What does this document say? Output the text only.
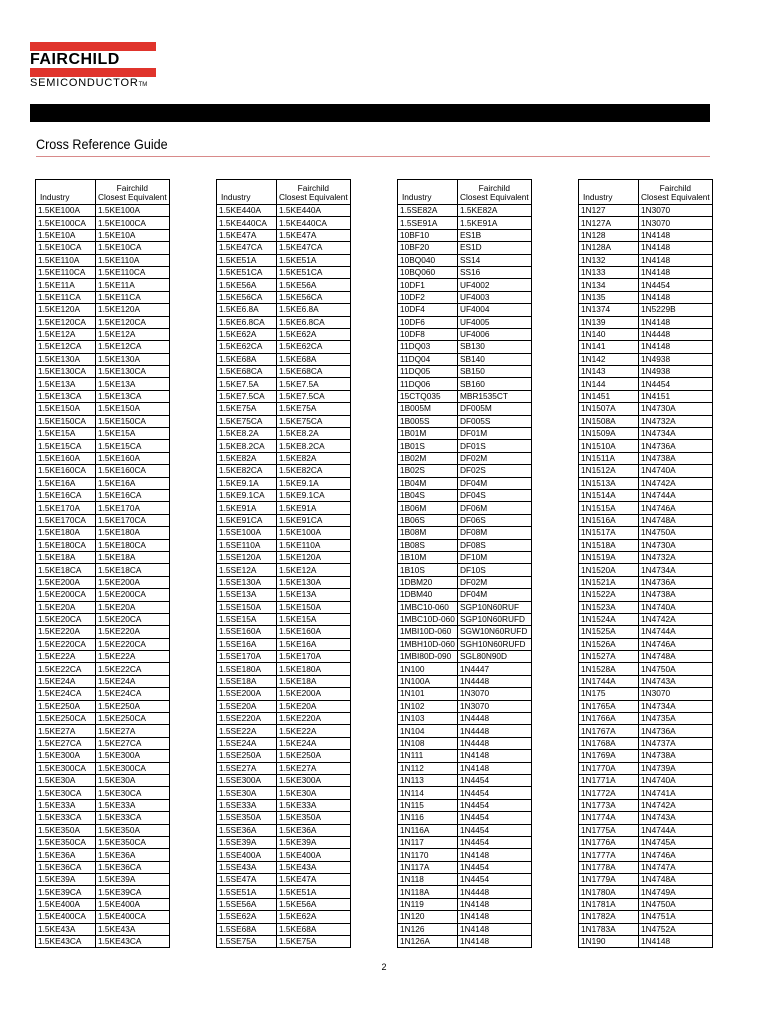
FAIRCHILD
SEMICONDUCTORTM
Cross Reference Guide
Industry	Fairchild
Closest Equivalent

1.5KE100A	1.5KE100A
1.5KE100CA	1.5KE100CA
1.5KE10A	1.5KE10A
1.5KE10CA	1.5KE10CA
1.5KE110A	1.5KE110A
1.5KE110CA	1.5KE110CA
1.5KE11A	1.5KE11A
1.5KE11CA	1.5KE11CA
1.5KE120A	1.5KE120A
1.5KE120CA	1.5KE120CA
1.5KE12A	1.5KE12A
1.5KE12CA	1.5KE12CA
1.5KE130A	1.5KE130A
1.5KE130CA	1.5KE130CA
1.5KE13A	1.5KE13A
1.5KE13CA	1.5KE13CA
1.5KE150A	1.5KE150A
1.5KE150CA	1.5KE150CA
1.5KE15A	1.5KE15A
1.5KE15CA	1.5KE15CA
1.5KE160A	1.5KE160A
1.5KE160CA	1.5KE160CA
1.5KE16A	1.5KE16A
1.5KE16CA	1.5KE16CA
1.5KE170A	1.5KE170A
1.5KE170CA	1.5KE170CA
1.5KE180A	1.5KE180A
1.5KE180CA	1.5KE180CA
1.5KE18A	1.5KE18A
1.5KE18CA	1.5KE18CA
1.5KE200A	1.5KE200A
1.5KE200CA	1.5KE200CA
1.5KE20A	1.5KE20A
1.5KE20CA	1.5KE20CA
1.5KE220A	1.5KE220A
1.5KE220CA	1.5KE220CA
1.5KE22A	1.5KE22A
1.5KE22CA	1.5KE22CA
1.5KE24A	1.5KE24A
1.5KE24CA	1.5KE24CA
1.5KE250A	1.5KE250A
1.5KE250CA	1.5KE250CA
1.5KE27A	1.5KE27A
1.5KE27CA	1.5KE27CA
1.5KE300A	1.5KE300A
1.5KE300CA	1.5KE300CA
1.5KE30A	1.5KE30A
1.5KE30CA	1.5KE30CA
1.5KE33A	1.5KE33A
1.5KE33CA	1.5KE33CA
1.5KE350A	1.5KE350A
1.5KE350CA	1.5KE350CA
1.5KE36A	1.5KE36A
1.5KE36CA	1.5KE36CA
1.5KE39A	1.5KE39A
1.5KE39CA	1.5KE39CA
1.5KE400A	1.5KE400A
1.5KE400CA	1.5KE400CA
1.5KE43A	1.5KE43A
1.5KE43CA	1.5KE43CA
Industry	Fairchild
Closest Equivalent

1.5KE440A	1.5KE440A
1.5KE440CA	1.5KE440CA
1.5KE47A	1.5KE47A
1.5KE47CA	1.5KE47CA
1.5KE51A	1.5KE51A
1.5KE51CA	1.5KE51CA
1.5KE56A	1.5KE56A
1.5KE56CA	1.5KE56CA
1.5KE6.8A	1.5KE6.8A
1.5KE6.8CA	1.5KE6.8CA
1.5KE62A	1.5KE62A
1.5KE62CA	1.5KE62CA
1.5KE68A	1.5KE68A
1.5KE68CA	1.5KE68CA
1.5KE7.5A	1.5KE7.5A
1.5KE7.5CA	1.5KE7.5CA
1.5KE75A	1.5KE75A
1.5KE75CA	1.5KE75CA
1.5KE8.2A	1.5KE8.2A
1.5KE8.2CA	1.5KE8.2CA
1.5KE82A	1.5KE82A
1.5KE82CA	1.5KE82CA
1.5KE9.1A	1.5KE9.1A
1.5KE9.1CA	1.5KE9.1CA
1.5KE91A	1.5KE91A
1.5KE91CA	1.5KE91CA
1.5SE100A	1.5KE100A
1.5SE110A	1.5KE110A
1.5SE120A	1.5KE120A
1.5SE12A	1.5KE12A
1.5SE130A	1.5KE130A
1.5SE13A	1.5KE13A
1.5SE150A	1.5KE150A
1.5SE15A	1.5KE15A
1.5SE160A	1.5KE160A
1.5SE16A	1.5KE16A
1.5SE170A	1.5KE170A
1.5SE180A	1.5KE180A
1.5SE18A	1.5KE18A
1.5SE200A	1.5KE200A
1.5SE20A	1.5KE20A
1.5SE220A	1.5KE220A
1.5SE22A	1.5KE22A
1.5SE24A	1.5KE24A
1.5SE250A	1.5KE250A
1.5SE27A	1.5KE27A
1.5SE300A	1.5KE300A
1.5SE30A	1.5KE30A
1.5SE33A	1.5KE33A
1.5SE350A	1.5KE350A
1.5SE36A	1.5KE36A
1.5SE39A	1.5KE39A
1.5SE400A	1.5KE400A
1.5SE43A	1.5KE43A
1.5SE47A	1.5KE47A
1.5SE51A	1.5KE51A
1.5SE56A	1.5KE56A
1.5SE62A	1.5KE62A
1.5SE68A	1.5KE68A
1.5SE75A	1.5KE75A
Industry	Fairchild
Closest Equivalent

1.5SE82A	1.5KE82A
1.5SE91A	1.5KE91A
10BF10	ES1B
10BF20	ES1D
10BQ040	SS14
10BQ060	SS16
10DF1	UF4002
10DF2	UF4003
10DF4	UF4004
10DF6	UF4005
10DF8	UF4006
11DQ03	SB130
11DQ04	SB140
11DQ05	SB150
11DQ06	SB160
15CTQ035	MBR1535CT
1B005M	DF005M
1B005S	DF005S
1B01M	DF01M
1B01S	DF01S
1B02M	DF02M
1B02S	DF02S
1B04M	DF04M
1B04S	DF04S
1B06M	DF06M
1B06S	DF06S
1B08M	DF08M
1B08S	DF08S
1B10M	DF10M
1B10S	DF10S
1DBM20	DF02M
1DBM40	DF04M
1MBC10-060	SGP10N60RUF
1MBC10D-060	SGP10N60RUFD
1MBI10D-060	SGW10N60RUFD
1MBH10D-060	SGH10N60RUFD
1MBI80D-090	SGL80N90D
1N100	1N4447
1N100A	1N4448
1N101	1N3070
1N102	1N3070
1N103	1N4448
1N104	1N4448
1N108	1N4448
1N111	1N4148
1N112	1N4148
1N113	1N4454
1N114	1N4454
1N115	1N4454
1N116	1N4454
1N116A	1N4454
1N117	1N4454
1N1170	1N4148
1N117A	1N4454
1N118	1N4454
1N118A	1N4448
1N119	1N4148
1N120	1N4148
1N126	1N4148
1N126A	1N4148
Industry	Fairchild
Closest Equivalent

1N127	1N3070
1N127A	1N3070
1N128	1N4148
1N128A	1N4148
1N132	1N4148
1N133	1N4148
1N134	1N4454
1N135	1N4148
1N1374	1N5229B
1N139	1N4148
1N140	1N4448
1N141	1N4148
1N142	1N4938
1N143	1N4938
1N144	1N4454
1N1451	1N4151
1N1507A	1N4730A
1N1508A	1N4732A
1N1509A	1N4734A
1N1510A	1N4736A
1N1511A	1N4738A
1N1512A	1N4740A
1N1513A	1N4742A
1N1514A	1N4744A
1N1515A	1N4746A
1N1516A	1N4748A
1N1517A	1N4750A
1N1518A	1N4730A
1N1519A	1N4732A
1N1520A	1N4734A
1N1521A	1N4736A
1N1522A	1N4738A
1N1523A	1N4740A
1N1524A	1N4742A
1N1525A	1N4744A
1N1526A	1N4746A
1N1527A	1N4748A
1N1528A	1N4750A
1N1744A	1N4743A
1N175	1N3070
1N1765A	1N4734A
1N1766A	1N4735A
1N1767A	1N4736A
1N1768A	1N4737A
1N1769A	1N4738A
1N1770A	1N4739A
1N1771A	1N4740A
1N1772A	1N4741A
1N1773A	1N4742A
1N1774A	1N4743A
1N1775A	1N4744A
1N1776A	1N4745A
1N1777A	1N4746A
1N1778A	1N4747A
1N1779A	1N4748A
1N1780A	1N4749A
1N1781A	1N4750A
1N1782A	1N4751A
1N1783A	1N4752A
1N190	1N4148
2
